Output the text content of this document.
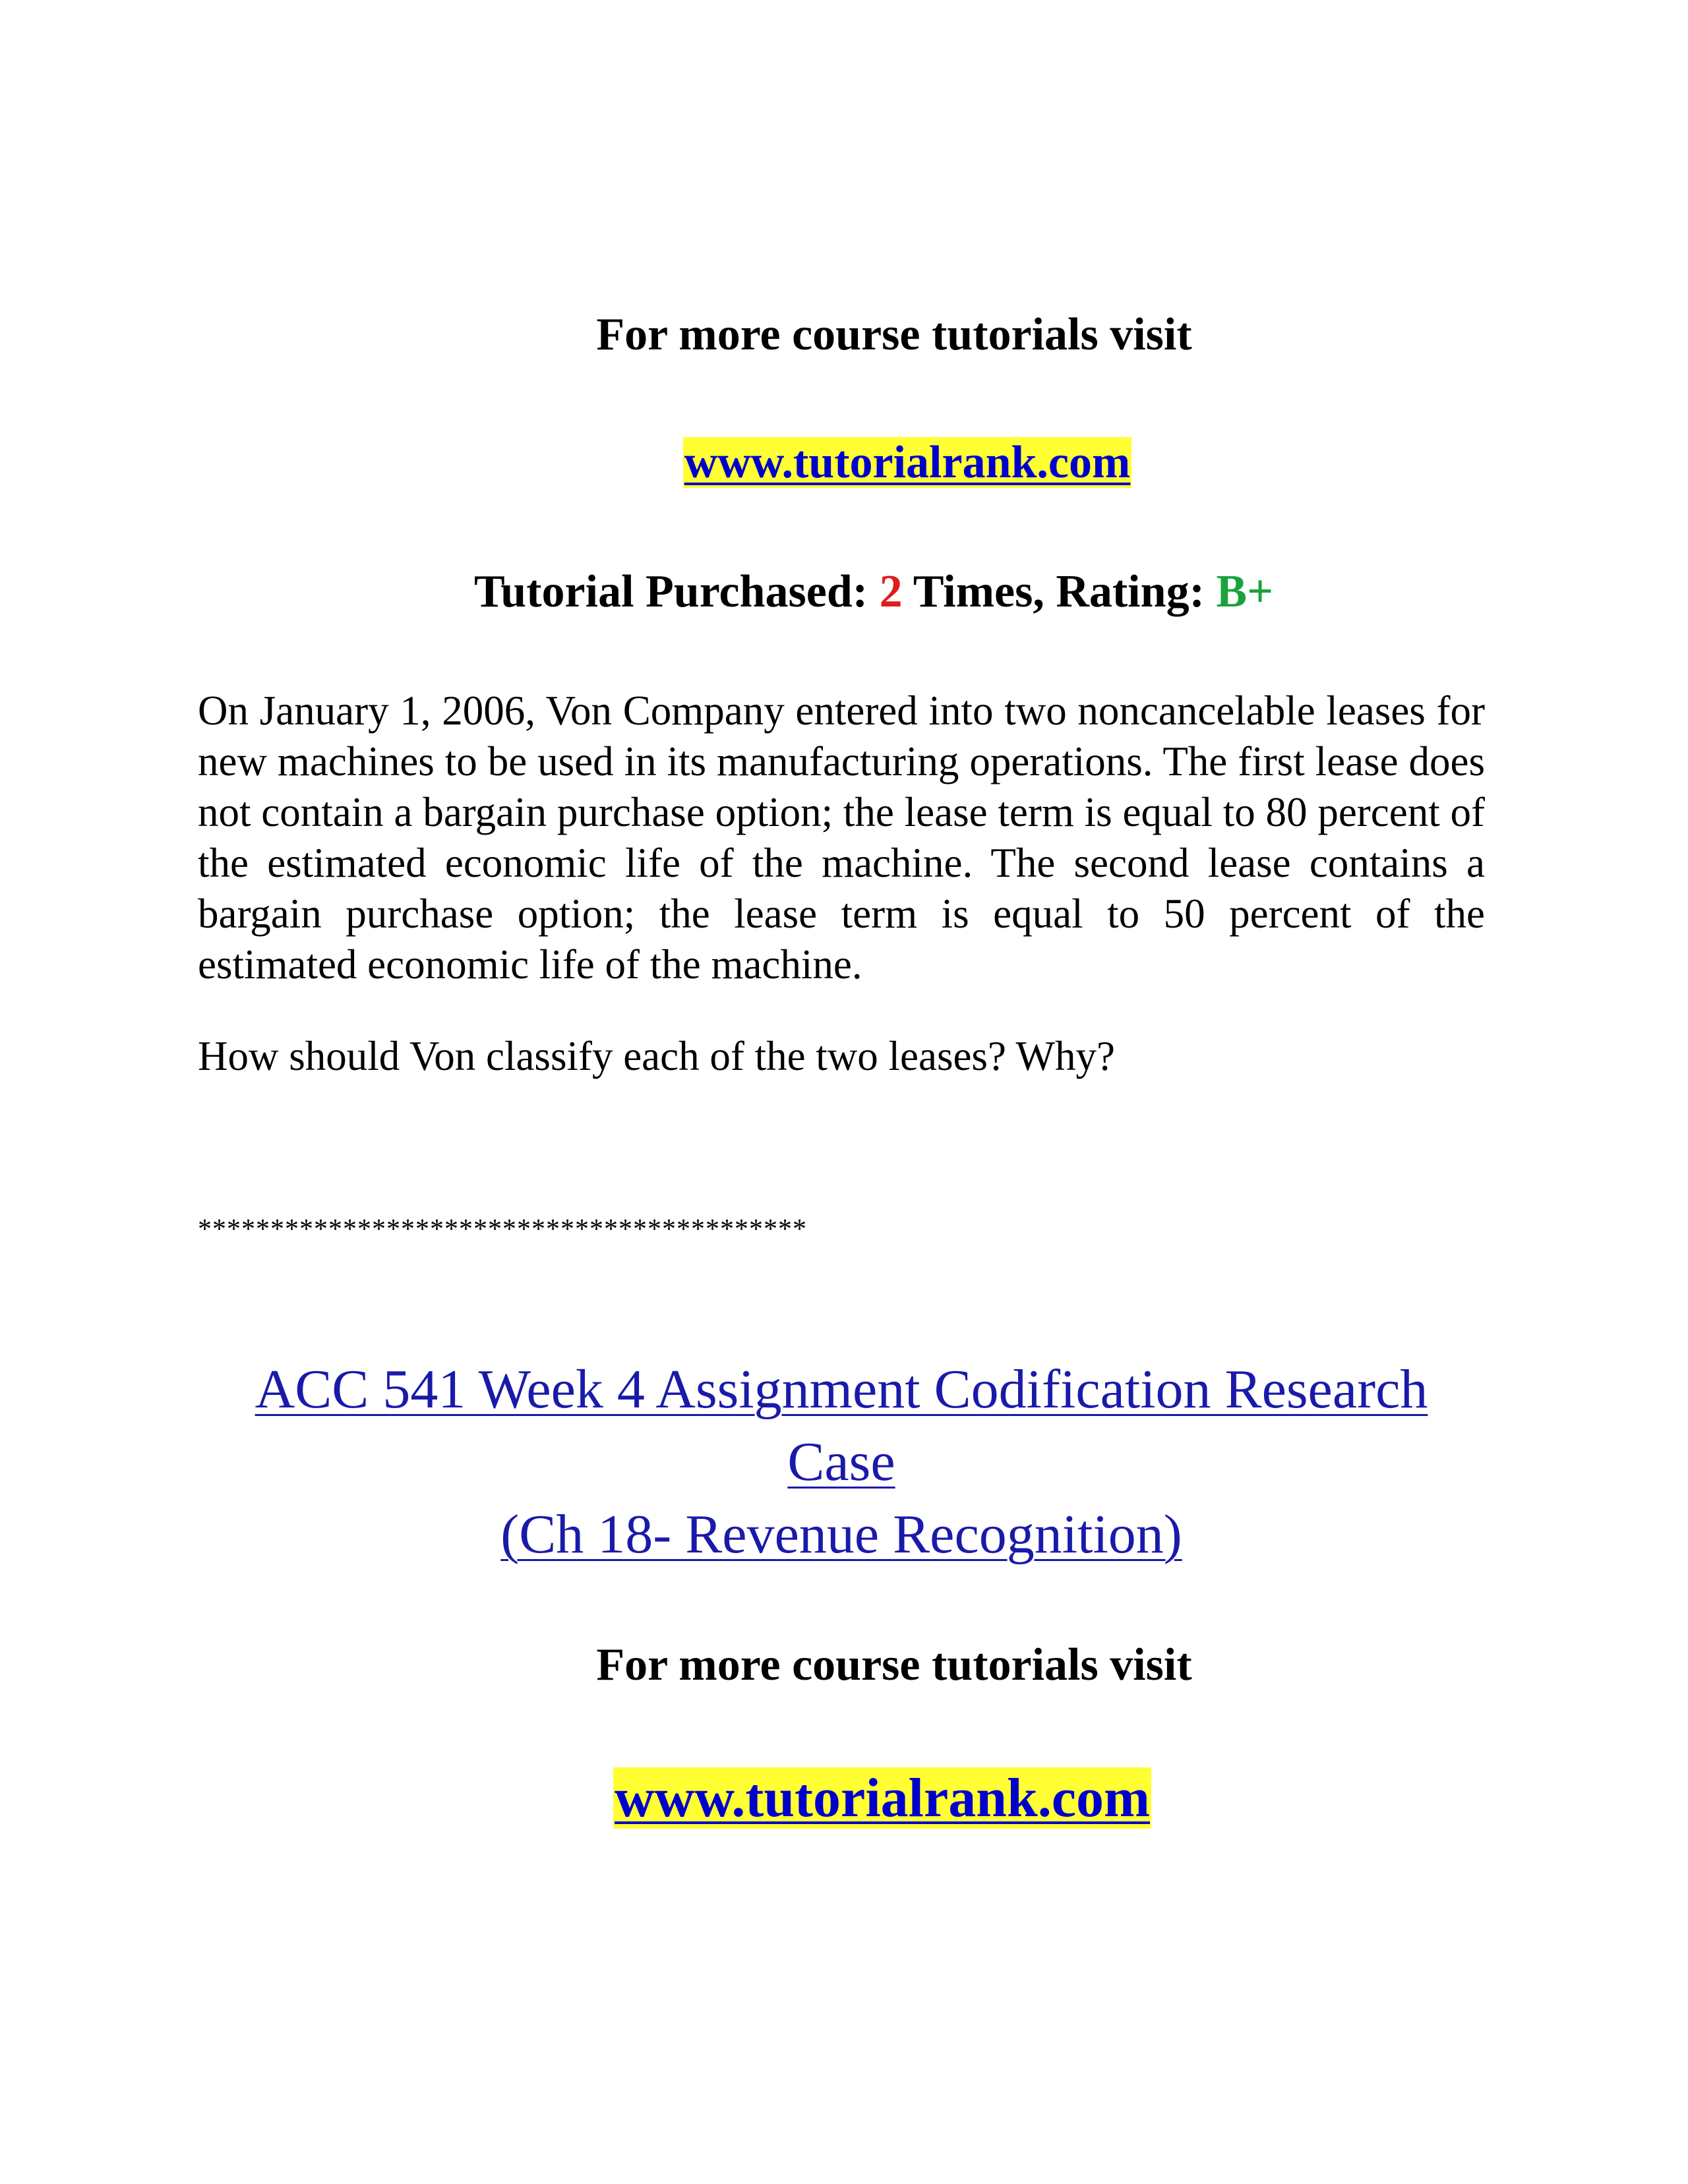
For more course tutorials visit
www.tutorialrank.com
Tutorial Purchased: 2 Times, Rating: B+
On January 1, 2006, Von Company entered into two noncancelable leases for new machines to be used in its manufacturing operations. The first lease does not contain a bargain purchase option; the lease term is equal to 80 percent of the estimated economic life of the machine. The second lease contains a bargain purchase option; the lease term is equal to 50 percent of the estimated economic life of the machine.
How should Von classify each of the two leases? Why?
******************************************
ACC 541 Week 4 Assignment Codification Research Case
(Ch 18- Revenue Recognition)
For more course tutorials visit
www.tutorialrank.com
